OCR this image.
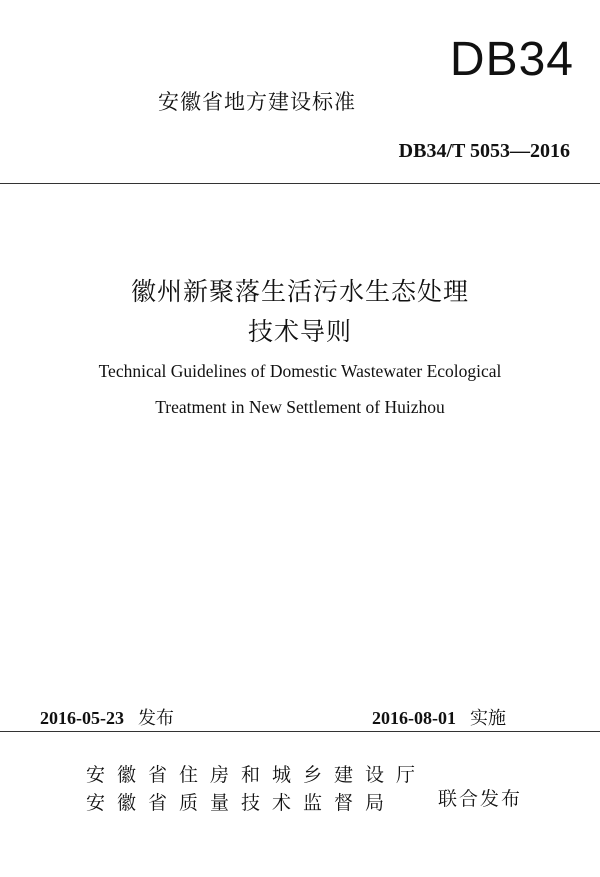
DB34
安徽省地方建设标准
DB34/T 5053—2016
徽州新聚落生活污水生态处理
技术导则
Technical Guidelines of Domestic Wastewater Ecological
Treatment in New Settlement of Huizhou
2016-05-23 发布	2016-08-01 实施
安徽省住房和城乡建设厅
安徽省质量技术监督局	联合发布
